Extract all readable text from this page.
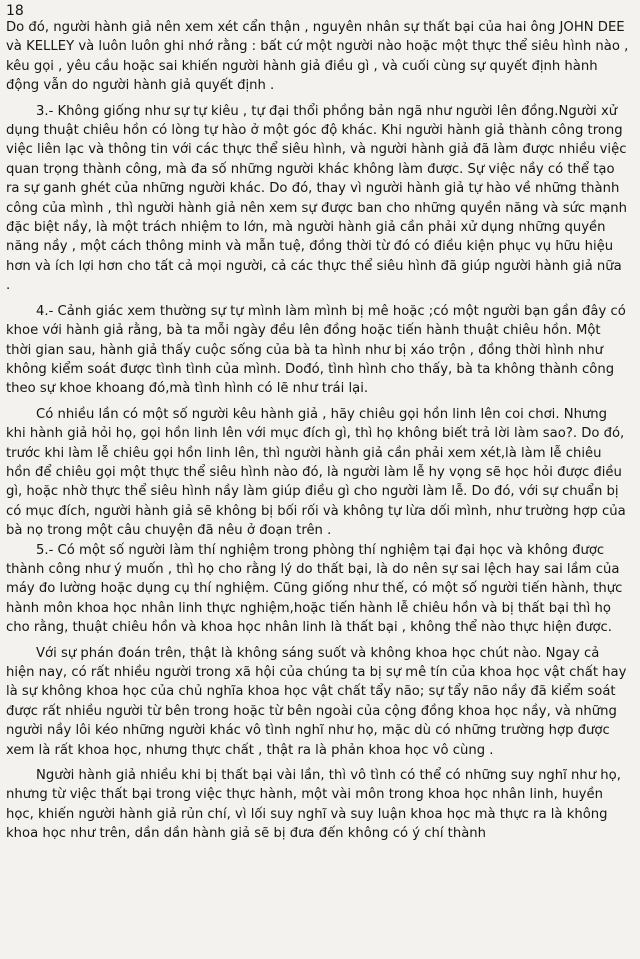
18

Do đó, người hành giả nên xem xét cẩn thận , nguyên nhân sự thất bại của hai ông JOHN DEE và KELLEY và luôn luôn ghi nhớ rằng : bất cứ một người nào hoặc một thực thể siêu hình nào , kêu gọi , yêu cầu hoặc sai khiến người hành giả điều gì , và cuối cùng sự quyết định hành động vẫn do người hành giả quyết định .

3.- Không giống như sự tự kiêu , tự đại thổi phồng bản ngã như người lên đồng.Người xử dụng thuật chiêu hồn có lòng tự hào ở một góc độ khác. Khi người hành giả thành công trong việc liên lạc và thông tin với các thực thể siêu hình, và người hành giả đã làm được nhiều việc quan trọng thành công, mà đa số những người khác không làm được. Sự việc nầy có thể tạo ra sự ganh ghét của những người khác. Do đó, thay vì người hành giả tự hào về những thành công của mình , thì người hành giả nên xem sự được ban cho những quyền năng và sức mạnh đặc biệt nầy, là một trách nhiệm to lớn, mà người hành giả cần phải xử dụng những quyền năng nầy , một cách thông minh và mẫn tuệ, đồng thời từ đó có điều kiện phục vụ hữu hiệu hơn và ích lợi hơn cho tất cả mọi người, cả các thực thể siêu hình đã giúp người hành giả nữa .

4.- Cảnh giác xem thường sự tự mình làm mình bị mê hoặc ;có một người bạn gần đây có khoe với hành giả rằng, bà ta mỗi ngày đều lên đồng hoặc tiến hành thuật chiêu hồn. Một thời gian sau, hành giả thấy cuộc sống của bà ta hình như bị xáo trộn , đồng thời hình như không kiểm soát được tình tình của mình. Dođó, tình hình cho thấy, bà ta không thành công theo sự khoe khoang đó,mà tình hình có lẽ như trái lại.

Có nhiều lần có một số người kêu hành giả , hãy chiêu gọi hồn linh lên coi chơi. Nhưng khi hành giả hỏi họ, gọi hồn linh lên với mục đích gì, thì họ không biết trả lời làm sao?. Do đó, trước khi làm lễ chiêu gọi hồn linh lên, thì người hành giả cần phải xem xét,là làm lễ chiêu hồn để chiêu gọi một thực thể siêu hình nào đó, là người làm lễ hy vọng sẽ học hỏi được điều gì, hoặc nhờ thực thể siêu hình nầy làm giúp điều gì cho người làm lễ. Do đó, với sự chuẩn bị có mục đích, người hành giả sẽ không bị bối rối và không tự lừa dối mình, như trường hợp của bà nọ trong một câu chuyện đã nêu ở đoạn trên .

5.- Có một số người làm thí nghiệm trong phòng thí nghiệm tại đại học và không được thành công như ý muốn , thì họ cho rằng lý do thất bại, là do nên sự sai lệch hay sai lầm của máy đo lường hoặc dụng cụ thí nghiệm. Cũng giống như thế, có một số người tiến hành, thực hành môn khoa học nhân linh thực nghiệm,hoặc tiến hành lễ chiêu hồn và bị thất bại thì họ cho rằng, thuật chiêu hồn và khoa học nhân linh là thất bại , không thể nào thực hiện được.

Với sự phán đoán trên, thật là không sáng suốt và không khoa học chút nào. Ngay cả hiện nay, có rất nhiều người trong xã hội của chúng ta bị sự mê tín của khoa học vật chất hay là sự không khoa học của chủ nghĩa khoa học vật chất tẩy não; sự tẩy não nầy đã kiểm soát được rất nhiều người từ bên trong hoặc từ bên ngoài của cộng đồng khoa học nầy, và những người nầy lôi kéo những người khác vô tình nghĩ như họ, mặc dù có những trường hợp được xem là rất khoa học, nhưng thực chất , thật ra là phản khoa học vô cùng .

Người hành giả nhiều khi bị thất bại vài lần, thì vô tình có thể có những suy nghĩ như họ, nhưng từ việc thất bại trong việc thực hành, một vài môn trong khoa học nhân linh, huyền học, khiến người hành giả rủn chí, vì lối suy nghĩ và suy luận khoa học mà thực ra là không khoa học như trên, dần dần hành giả sẽ bị đưa đến không có ý chí thành
